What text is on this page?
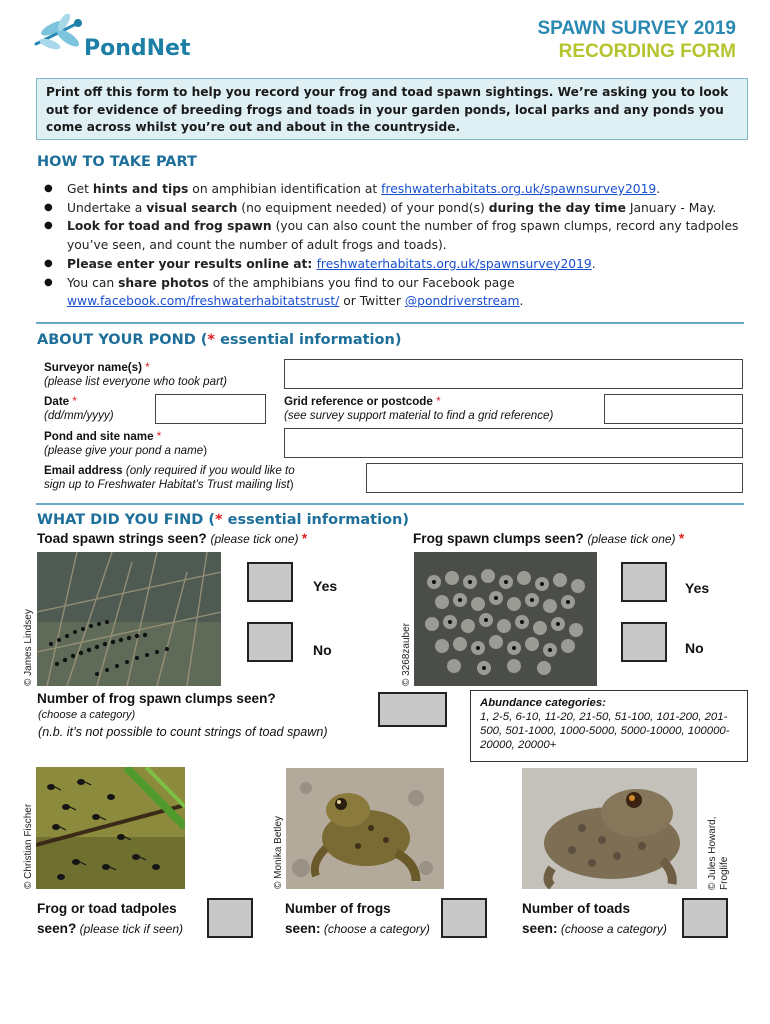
PondNet
SPAWN SURVEY 2019
RECORDING FORM
Print off this form to help you record your frog and toad spawn sightings. We’re asking you to look out for evidence of breeding frogs and toads in your garden ponds, local parks and any ponds you come across whilst you’re out and about in the countryside.
HOW TO TAKE PART
● Get hints and tips on amphibian identification at freshwaterhabitats.org.uk/spawnsurvey2019.
● Undertake a visual search (no equipment needed) of your pond(s) during the day time January - May.
● Look for toad and frog spawn (you can also count the number of frog spawn clumps, record any tadpoles you’ve seen, and count the number of adult frogs and toads).
● Please enter your results online at: freshwaterhabitats.org.uk/spawnsurvey2019.
● You can share photos of the amphibians you find to our Facebook page www.facebook.com/freshwaterhabitatstrust/ or Twitter @pondriverstream.
ABOUT YOUR POND (* essential information)
Surveyor name(s) *
(please list everyone who took part)
Date *
(dd/mm/yyyy)
Grid reference or postcode *
(see survey support material to find a grid reference)
Pond and site name *
(please give your pond a name)
Email address (only required if you would like to
sign up to Freshwater Habitat’s Trust mailing list)
WHAT DID YOU FIND (* essential information)
Toad spawn strings seen? (please tick one) *	Frog spawn clumps seen? (please tick one) *
© James Lindsey
Yes
No	© 3268zauber
Yes
No
Number of frog spawn clumps seen?
(choose a category)
(n.b. it’s not possible to count strings of toad spawn)
Abundance categories:
1, 2-5, 6-10, 11-20, 21-50, 51-100, 101-200, 201-500, 501-1000, 1000-5000, 5000-10000, 100000-20000, 20000+
© Christian Fischer	© Monika Betley	© Jules Howard, Froglife
Frog or toad tadpoles
seen? (please tick if seen)
Number of frogs
seen: (choose a category)
Number of toads
seen: (choose a category)
